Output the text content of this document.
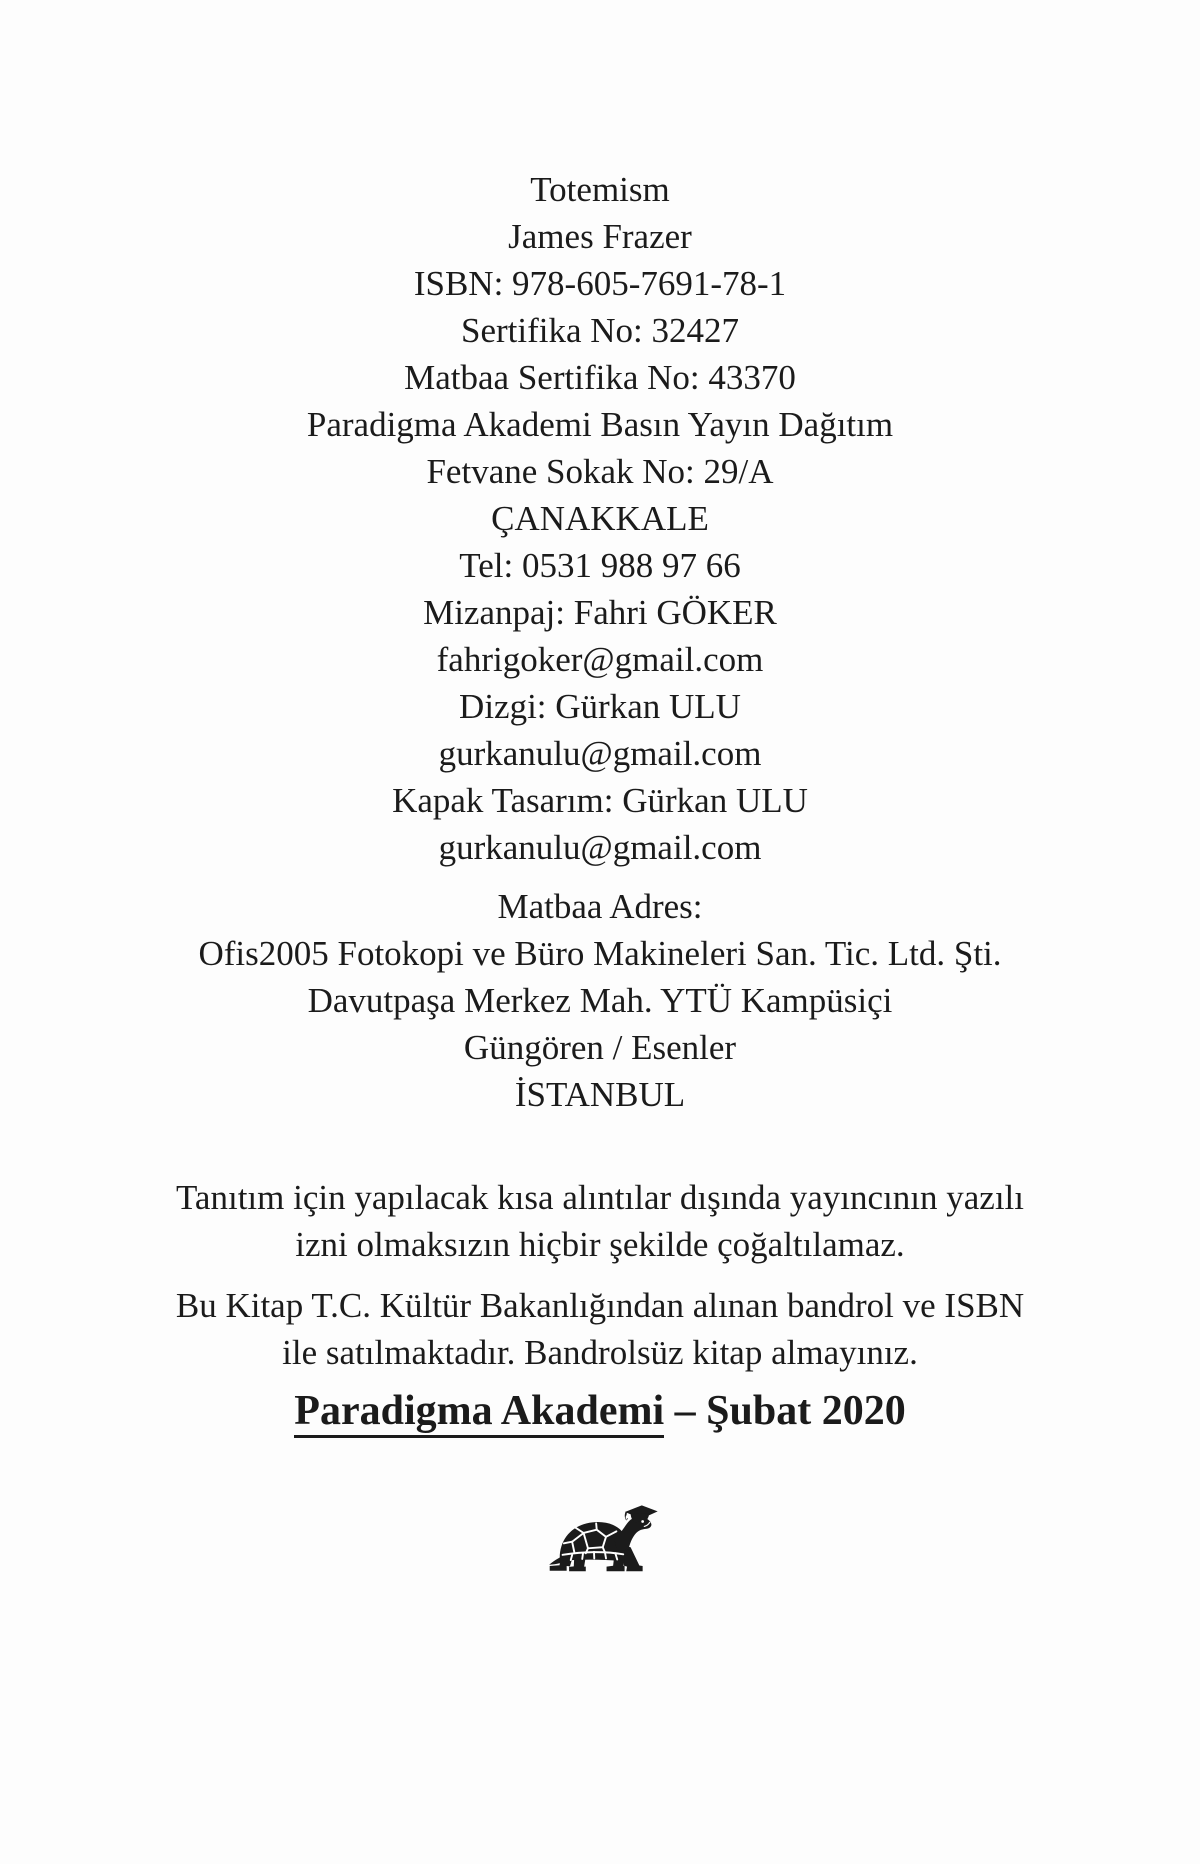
Totemism
James Frazer
ISBN: 978-605-7691-78-1
Sertifika No: 32427
Matbaa Sertifika No: 43370
Paradigma Akademi Basın Yayın Dağıtım
Fetvane Sokak No: 29/A
ÇANAKKALE
Tel: 0531 988 97 66
Mizanpaj: Fahri GÖKER
fahrigoker@gmail.com
Dizgi: Gürkan ULU
gurkanulu@gmail.com
Kapak Tasarım: Gürkan ULU
gurkanulu@gmail.com
Matbaa Adres:
Ofis2005 Fotokopi ve Büro Makineleri San. Tic. Ltd. Şti.
Davutpaşa Merkez Mah. YTÜ Kampüsiçi
Güngören / Esenler
İSTANBUL
Tanıtım için yapılacak kısa alıntılar dışında yayıncının yazılı
izni olmaksızın hiçbir şekilde çoğaltılamaz.
Bu Kitap T.C. Kültür Bakanlığından alınan bandrol ve ISBN
ile satılmaktadır. Bandrolsüz kitap almayınız.
Paradigma Akademi – Şubat 2020
